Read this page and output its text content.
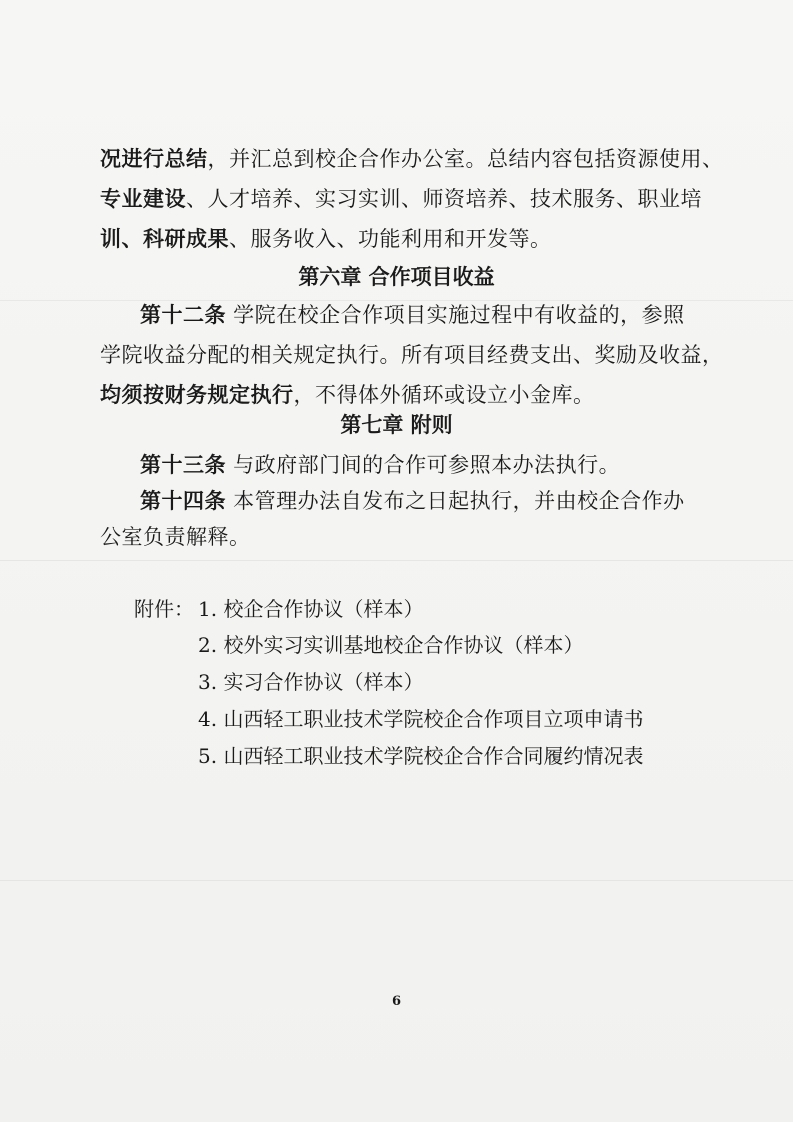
况进行总结，并汇总到校企合作办公室。总结内容包括资源使用、
专业建设、人才培养、实习实训、师资培养、技术服务、职业培
训、科研成果、服务收入、功能利用和开发等。
第六章 合作项目收益
第十二条 学院在校企合作项目实施过程中有收益的，参照
学院收益分配的相关规定执行。所有项目经费支出、奖励及收益，
均须按财务规定执行，不得体外循环或设立小金库。
第七章 附则
第十三条 与政府部门间的合作可参照本办法执行。
第十四条 本管理办法自发布之日起执行，并由校企合作办
公室负责解释。
附件： 1. 校企合作协议（样本）
2. 校外实习实训基地校企合作协议（样本）
3. 实习合作协议（样本）
4. 山西轻工职业技术学院校企合作项目立项申请书
5. 山西轻工职业技术学院校企合作合同履约情况表
6
